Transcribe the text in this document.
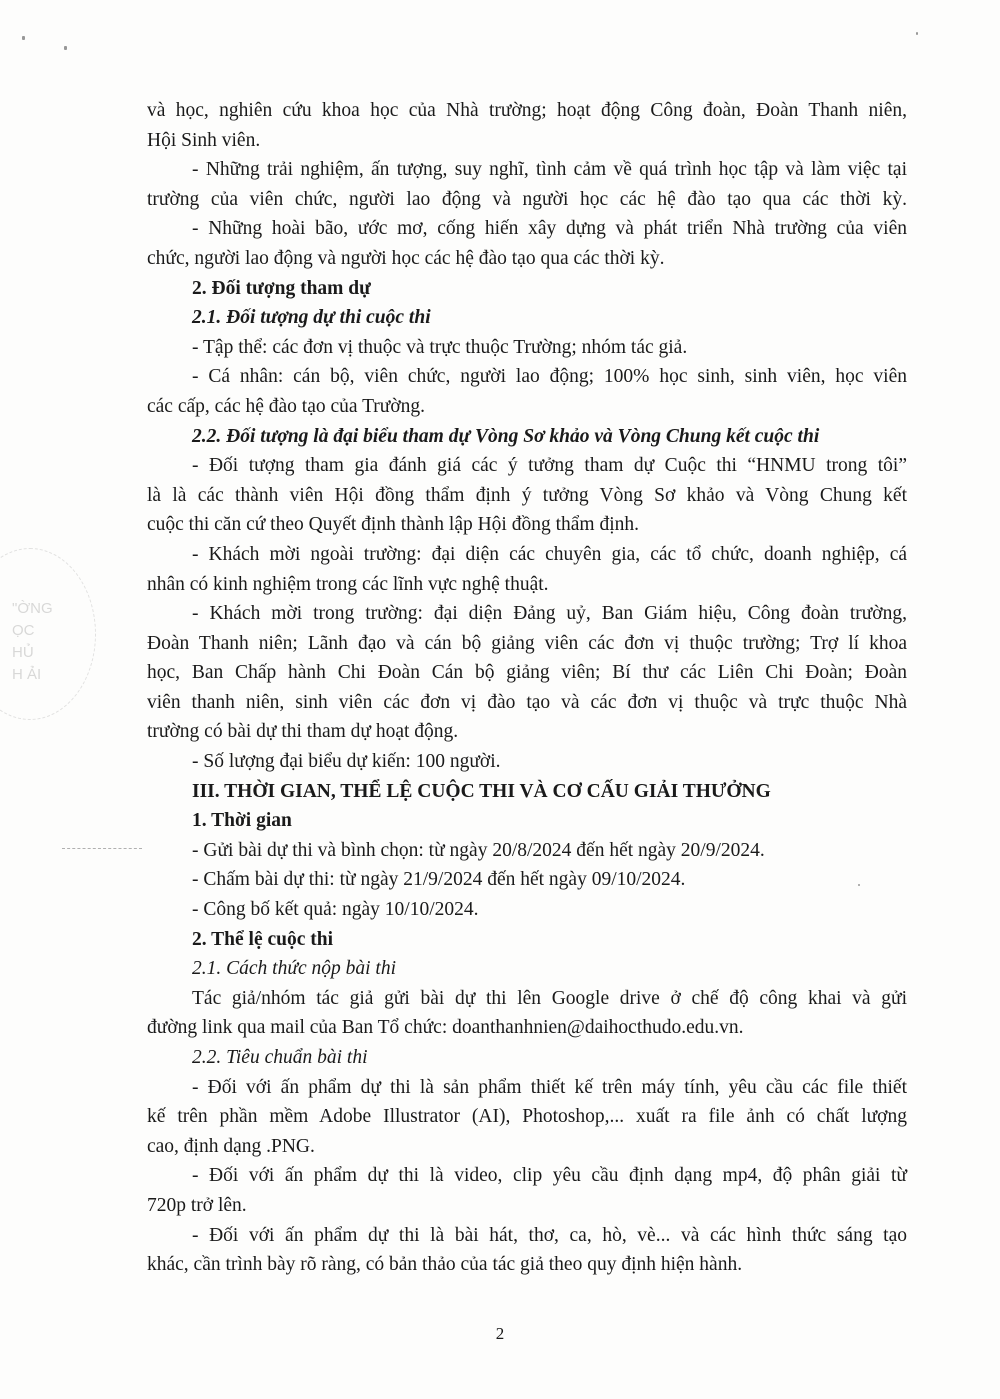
"ỜNG
ỌC
HỦ
H ẢI
và học, nghiên cứu khoa học của Nhà trường; hoạt động Công đoàn, Đoàn Thanh niên,
Hội Sinh viên.
- Những trải nghiệm, ấn tượng, suy nghĩ, tình cảm về quá trình học tập và làm việc tại
trường của viên chức, người lao động và người học các hệ đào tạo qua các thời kỳ.
- Những hoài bão, ước mơ, cống hiến xây dựng và phát triển Nhà trường của viên
chức, người lao động và người học các hệ đào tạo qua các thời kỳ.
2. Đối tượng tham dự
2.1. Đối tượng dự thi cuộc thi
- Tập thể: các đơn vị thuộc và trực thuộc Trường; nhóm tác giả.
- Cá nhân: cán bộ, viên chức, người lao động; 100% học sinh, sinh viên, học viên
các cấp, các hệ đào tạo của Trường.
2.2. Đối tượng là đại biểu tham dự Vòng Sơ khảo và Vòng Chung kết cuộc thi
- Đối tượng tham gia đánh giá các ý tưởng tham dự Cuộc thi “HNMU trong tôi”
là là các thành viên Hội đồng thẩm định ý tưởng Vòng Sơ khảo và Vòng Chung kết
cuộc thi căn cứ theo Quyết định thành lập Hội đồng thẩm định.
- Khách mời ngoài trường: đại diện các chuyên gia, các tổ chức, doanh nghiệp, cá
nhân có kinh nghiệm trong các lĩnh vực nghệ thuật.
- Khách mời trong trường: đại diện Đảng uỷ, Ban Giám hiệu, Công đoàn trường,
Đoàn Thanh niên; Lãnh đạo và cán bộ giảng viên các đơn vị thuộc trường; Trợ lí khoa
học, Ban Chấp hành Chi Đoàn Cán bộ giảng viên; Bí thư các Liên Chi Đoàn; Đoàn
viên thanh niên, sinh viên các đơn vị đào tạo và các đơn vị thuộc và trực thuộc Nhà
trường có bài dự thi tham dự hoạt động.
- Số lượng đại biểu dự kiến: 100 người.
III. THỜI GIAN, THỂ LỆ CUỘC THI VÀ CƠ CẤU GIẢI THƯỞNG
1. Thời gian
- Gửi bài dự thi và bình chọn: từ ngày 20/8/2024 đến hết ngày 20/9/2024.
- Chấm bài dự thi: từ ngày 21/9/2024 đến hết ngày 09/10/2024.
- Công bố kết quả: ngày 10/10/2024.
2. Thể lệ cuộc thi
2.1. Cách thức nộp bài thi
Tác giả/nhóm tác giả gửi bài dự thi lên Google drive ở chế độ công khai và gửi
đường link qua mail của Ban Tổ chức: doanthanhnien@daihocthudo.edu.vn.
2.2. Tiêu chuẩn bài thi
- Đối với ấn phẩm dự thi là sản phẩm thiết kế trên máy tính, yêu cầu các file thiết
kế trên phần mềm Adobe Illustrator (AI), Photoshop,... xuất ra file ảnh có chất lượng
cao, định dạng .PNG.
- Đối với ấn phẩm dự thi là video, clip yêu cầu định dạng mp4, độ phân giải từ
720p trở lên.
- Đối với ấn phẩm dự thi là bài hát, thơ, ca, hò, vè... và các hình thức sáng tạo
khác, cần trình bày rõ ràng, có bản thảo của tác giả theo quy định hiện hành.
2
